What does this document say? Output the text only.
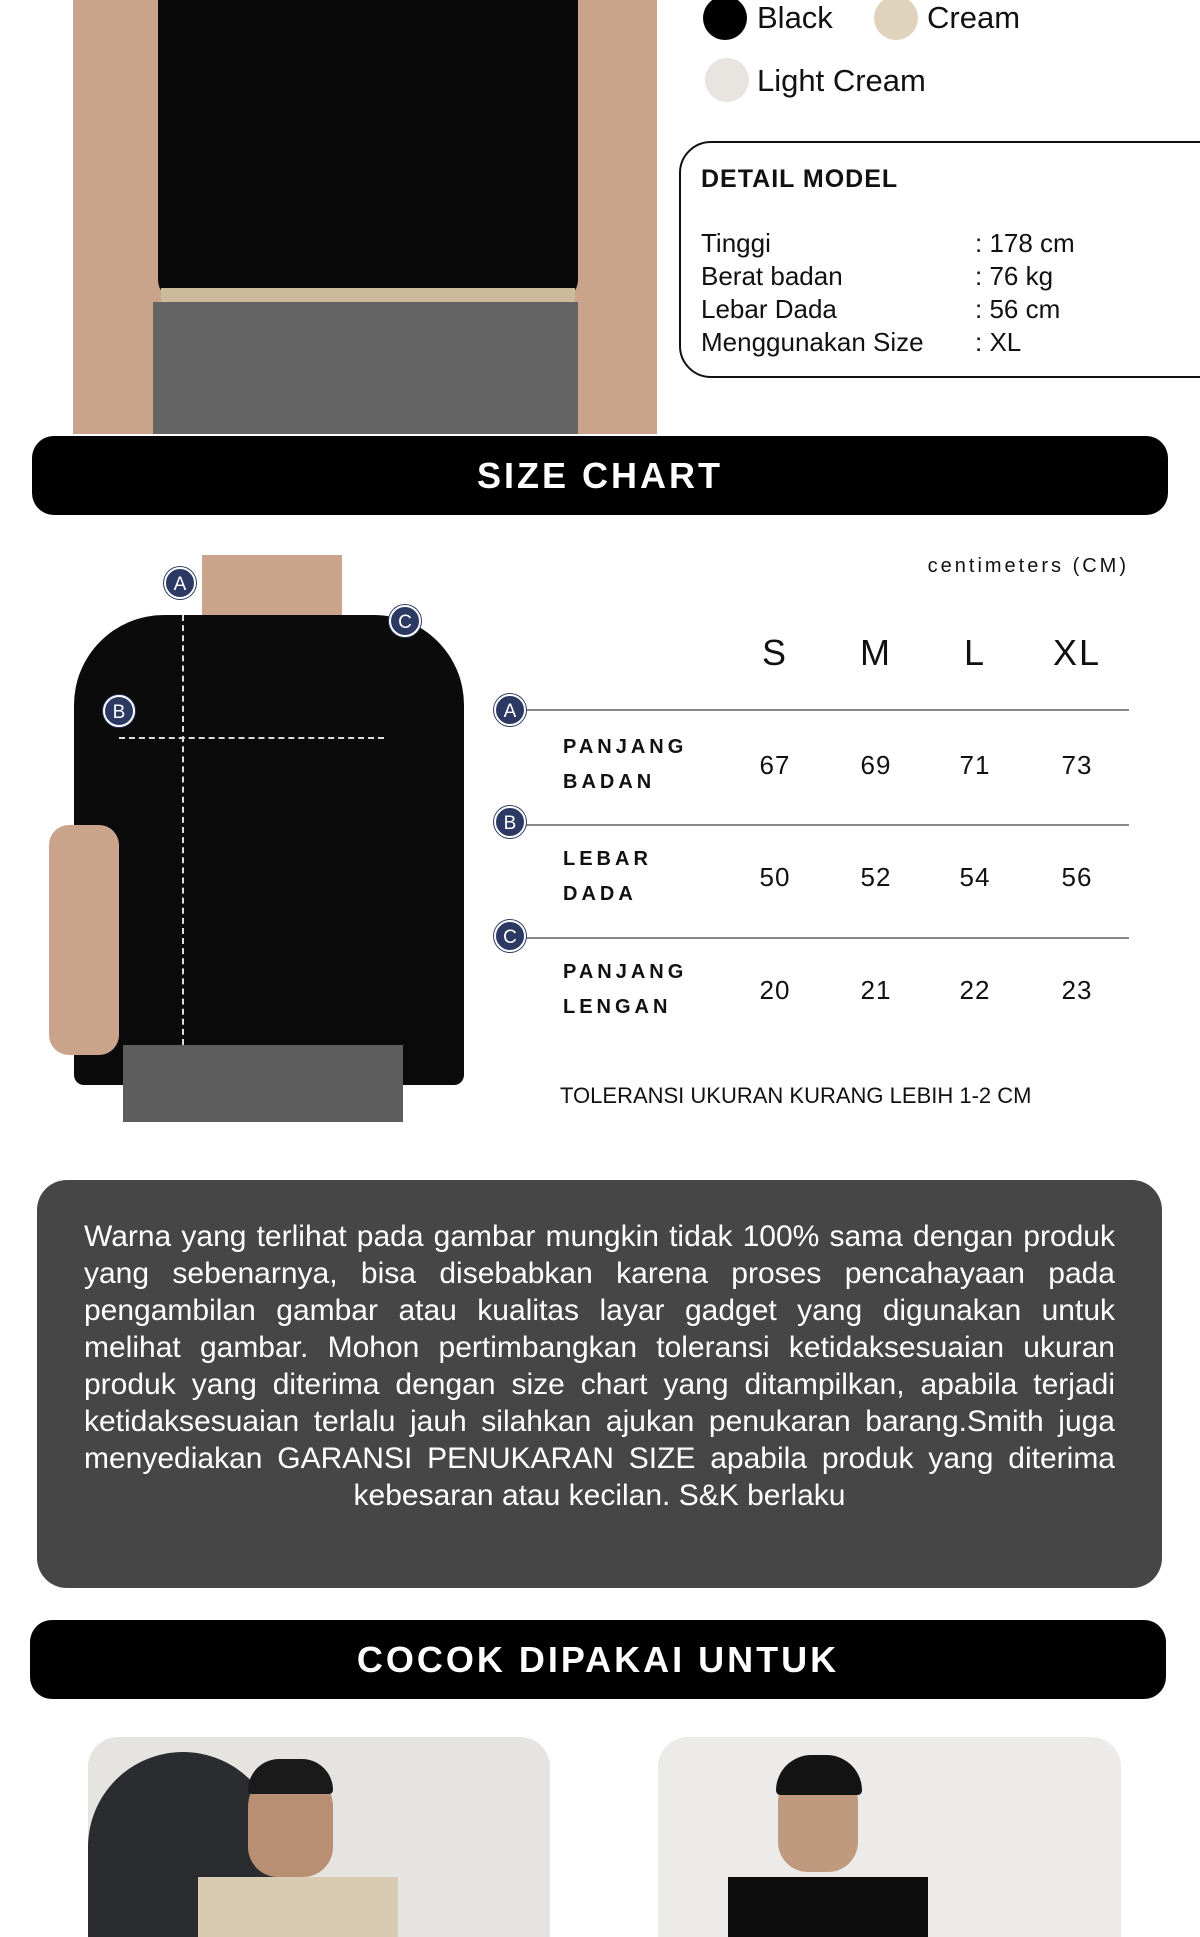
Black	Cream
Light Cream
DETAIL MODEL
Tinggi	: 178 cm
Berat badan	: 76 kg
Lebar Dada	: 56 cm
Menggunakan Size : XL
SIZE CHART
A
B
C
centimeters (CM)
S	M	L	XL
A
PANJANG
BADAN
67	69	71	73
B
LEBAR
DADA
50	52	54	56
C
PANJANG
LENGAN
20	21	22	23
TOLERANSI UKURAN KURANG LEBIH 1-2 CM

Warna yang terlihat pada gambar mungkin tidak 100% sama dengan produk yang sebenarnya, bisa disebabkan karena proses pencahayaan pada pengambilan gambar atau kualitas layar gadget yang digunakan untuk melihat gambar. Mohon pertimbangkan toleransi ketidaksesuaian ukuran produk yang diterima dengan size chart yang ditampilkan, apabila terjadi ketidaksesuaian terlalu jauh silahkan ajukan penukaran barang.Smith juga menyediakan GARANSI PENUKARAN SIZE apabila produk yang diterima kebesaran atau kecilan. S&K berlaku

COCOK DIPAKAI UNTUK
